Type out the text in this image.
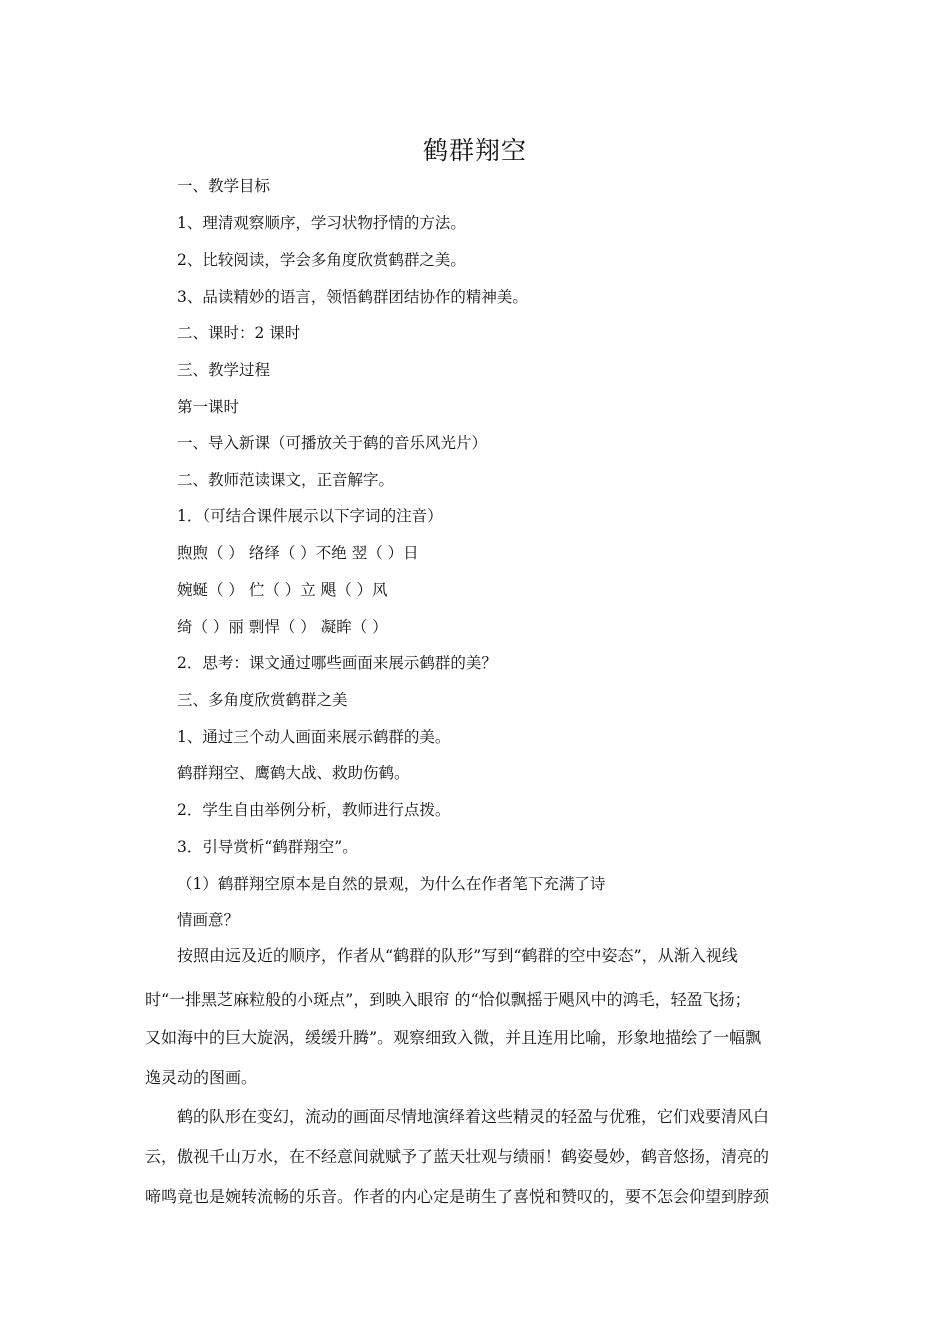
鹤群翔空
一、教学目标
1、理清观察顺序，学习状物抒情的方法。
2、比较阅读，学会多角度欣赏鹤群之美。
3、品读精妙的语言，领悟鹤群团结协作的精神美。
二、课时：2 课时
三、教学过程
第一课时
一、导入新课（可播放关于鹤的音乐风光片）
二、教师范读课文，正音解字。
1．（可结合课件展示以下字词的注音）
煦煦（ ） 络绎（ ）不绝 翌（ ）日
婉蜒（ ） 伫（ ）立 飓（ ）风
绮（ ）丽 剽悍（ ） 凝眸（ ）
2．思考：课文通过哪些画面来展示鹤群的美？
三、多角度欣赏鹤群之美
1、通过三个动人画面来展示鹤群的美。
鹤群翔空、鹰鹤大战、救助伤鹤。
2．学生自由举例分析，教师进行点拨。
3．引导赏析“鹤群翔空”。
（1）鹤群翔空原本是自然的景观，为什么在作者笔下充满了诗
情画意？
按照由远及近的顺序，作者从“鹤群的队形”写到“鹤群的空中姿态”，从渐入视线
时“一排黑芝麻粒般的小斑点”，到映入眼帘 的“恰似飘摇于飓风中的鸿毛，轻盈飞扬；
又如海中的巨大旋涡，缓缓升腾”。观察细致入微，并且连用比喻，形象地描绘了一幅飘
逸灵动的图画。
鹤的队形在变幻，流动的画面尽情地演绎着这些精灵的轻盈与优雅，它们戏要清风白
云，傲视千山万水，在不经意间就赋予了蓝天壮观与绩丽！鹤姿曼妙，鹤音悠扬，清亮的
啼鸣竟也是婉转流畅的乐音。作者的内心定是萌生了喜悦和赞叹的，要不怎会仰望到脖颈
